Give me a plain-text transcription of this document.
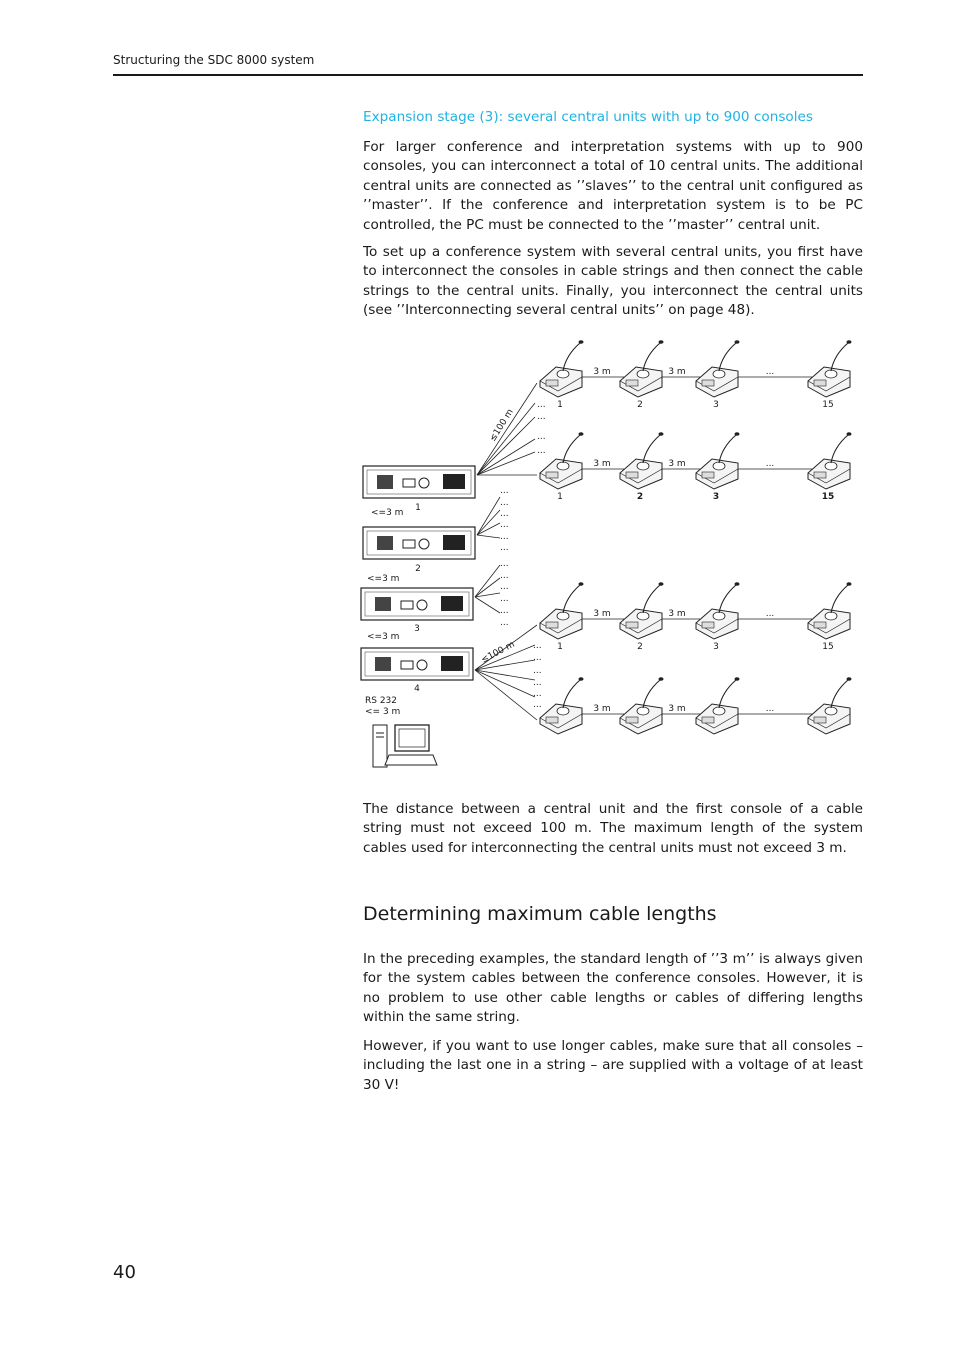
Structuring the SDC 8000 system
Expansion stage (3): several central units with up to 900 consoles

For larger conference and interpretation systems with up to 900 consoles, you can interconnect a total of 10 central units. The additional central units are connected as ’’slaves’’ to the central unit configured as ’’master’’. If the conference and interpretation system is to be PC controlled, the PC must be connected to the ’’master’’ central unit.

To set up a conference system with several central units, you first have to interconnect the consoles in cable strings and then connect the cable strings to the central units. Finally, you interconnect the central units (see ’’Interconnecting several central units’’ on page 48).

1
<=3 m
2
<=3 m
3
<=3 m
4
RS 232
<= 3 m
...
...
...
...
...
...
...
...
...
...
...
...
...
...
...
...
...
...
...
...
...
...
≤100 m
≤100 m
3 m	3 m	...
1	2	3	15
3 m	3 m	...
1	2	3	15
3 m	3 m	...
1	2	3	15
3 m	3 m	...

The distance between a central unit and the first console of a cable string must not exceed 100 m. The maximum length of the system cables used for interconnecting the central units must not exceed 3 m.

Determining maximum cable lengths

In the preceding examples, the standard length of ’’3 m’’ is always given for the system cables between the conference consoles. However, it is no problem to use other cable lengths or cables of differing lengths within the same string.

However, if you want to use longer cables, make sure that all consoles – including the last one in a string – are supplied with a voltage of at least 30 V!

40
